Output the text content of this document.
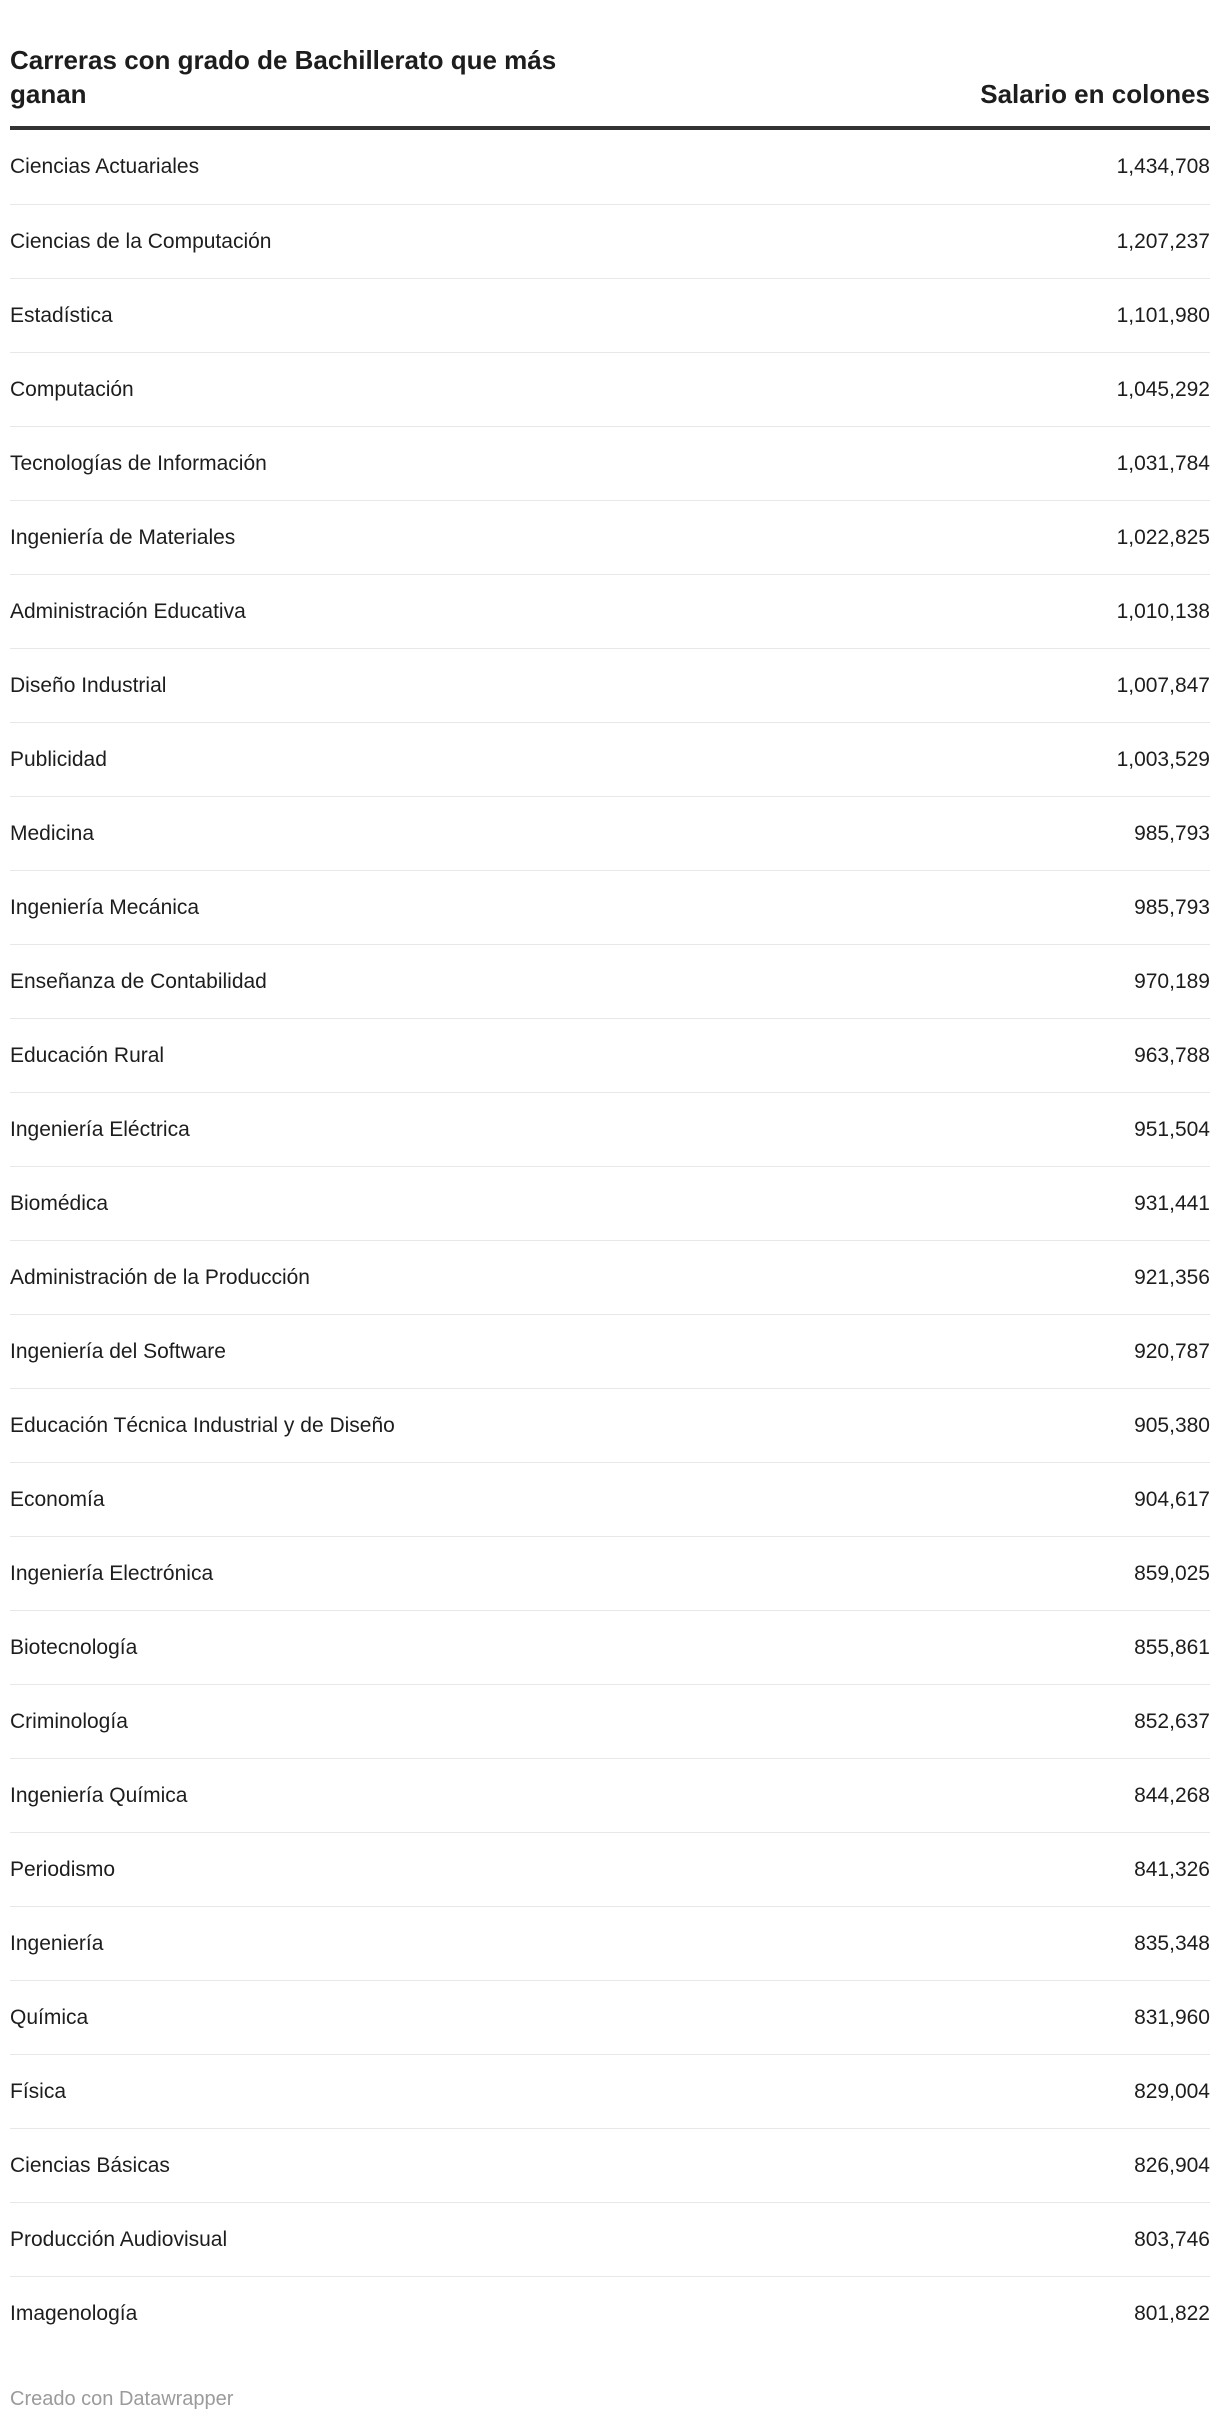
Carreras con grado de Bachillerato que más ganan	Salario en colones
Ciencias Actuariales	1,434,708
Ciencias de la Computación	1,207,237
Estadística	1,101,980
Computación	1,045,292
Tecnologías de Información	1,031,784
Ingeniería de Materiales	1,022,825
Administración Educativa	1,010,138
Diseño Industrial	1,007,847
Publicidad	1,003,529
Medicina	985,793
Ingeniería Mecánica	985,793
Enseñanza de Contabilidad	970,189
Educación Rural	963,788
Ingeniería Eléctrica	951,504
Biomédica	931,441
Administración de la Producción	921,356
Ingeniería del Software	920,787
Educación Técnica Industrial y de Diseño	905,380
Economía	904,617
Ingeniería Electrónica	859,025
Biotecnología	855,861
Criminología	852,637
Ingeniería Química	844,268
Periodismo	841,326
Ingeniería	835,348
Química	831,960
Física	829,004
Ciencias Básicas	826,904
Producción Audiovisual	803,746
Imagenología	801,822
Creado con Datawrapper
